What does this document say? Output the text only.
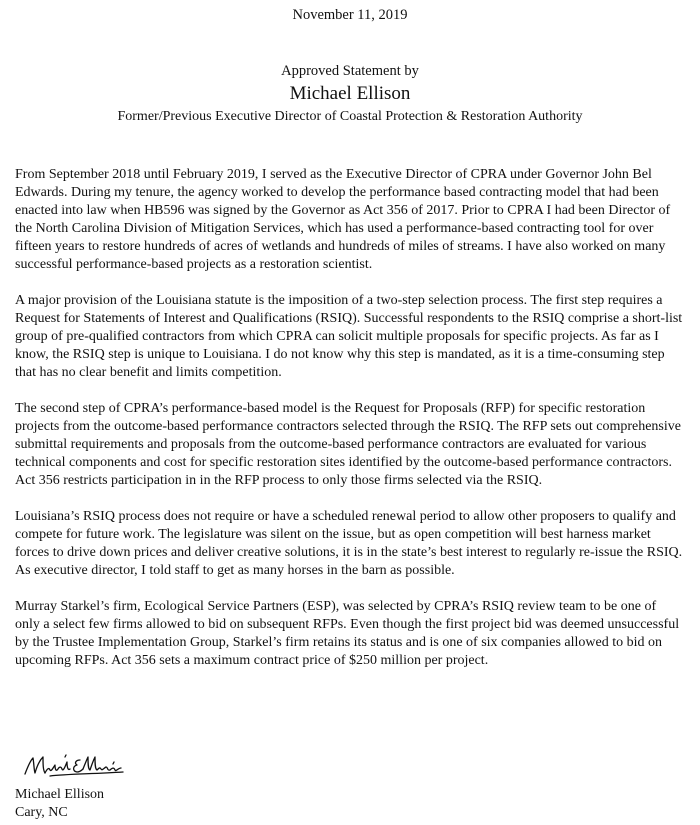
November 11, 2019
Approved Statement by
Michael Ellison
Former/Previous Executive Director of Coastal Protection & Restoration Authority

From September 2018 until February 2019, I served as the Executive Director of CPRA under Governor John Bel Edwards. During my tenure, the agency worked to develop the performance based contracting model that had been enacted into law when HB596 was signed by the Governor as Act 356 of 2017. Prior to CPRA I had been Director of the North Carolina Division of Mitigation Services, which has used a performance-based contracting tool for over fifteen years to restore hundreds of acres of wetlands and hundreds of miles of streams. I have also worked on many successful performance-based projects as a restoration scientist.

A major provision of the Louisiana statute is the imposition of a two-step selection process. The first step requires a Request for Statements of Interest and Qualifications (RSIQ). Successful respondents to the RSIQ comprise a short-list group of pre-qualified contractors from which CPRA can solicit multiple proposals for specific projects. As far as I know, the RSIQ step is unique to Louisiana. I do not know why this step is mandated, as it is a time-consuming step that has no clear benefit and limits competition.

The second step of CPRA’s performance-based model is the Request for Proposals (RFP) for specific restoration projects from the outcome-based performance contractors selected through the RSIQ. The RFP sets out comprehensive submittal requirements and proposals from the outcome-based performance contractors are evaluated for various technical components and cost for specific restoration sites identified by the outcome-based performance contractors. Act 356 restricts participation in in the RFP process to only those firms selected via the RSIQ.

Louisiana’s RSIQ process does not require or have a scheduled renewal period to allow other proposers to qualify and compete for future work. The legislature was silent on the issue, but as open competition will best harness market forces to drive down prices and deliver creative solutions, it is in the state’s best interest to regularly re-issue the RSIQ. As executive director, I told staff to get as many horses in the barn as possible.

Murray Starkel’s firm, Ecological Service Partners (ESP), was selected by CPRA’s RSIQ review team to be one of only a select few firms allowed to bid on subsequent RFPs. Even though the first project bid was deemed unsuccessful by the Trustee Implementation Group, Starkel’s firm retains its status and is one of six companies allowed to bid on upcoming RFPs. Act 356 sets a maximum contract price of $250 million per project.

Michael Ellison
Cary, NC
